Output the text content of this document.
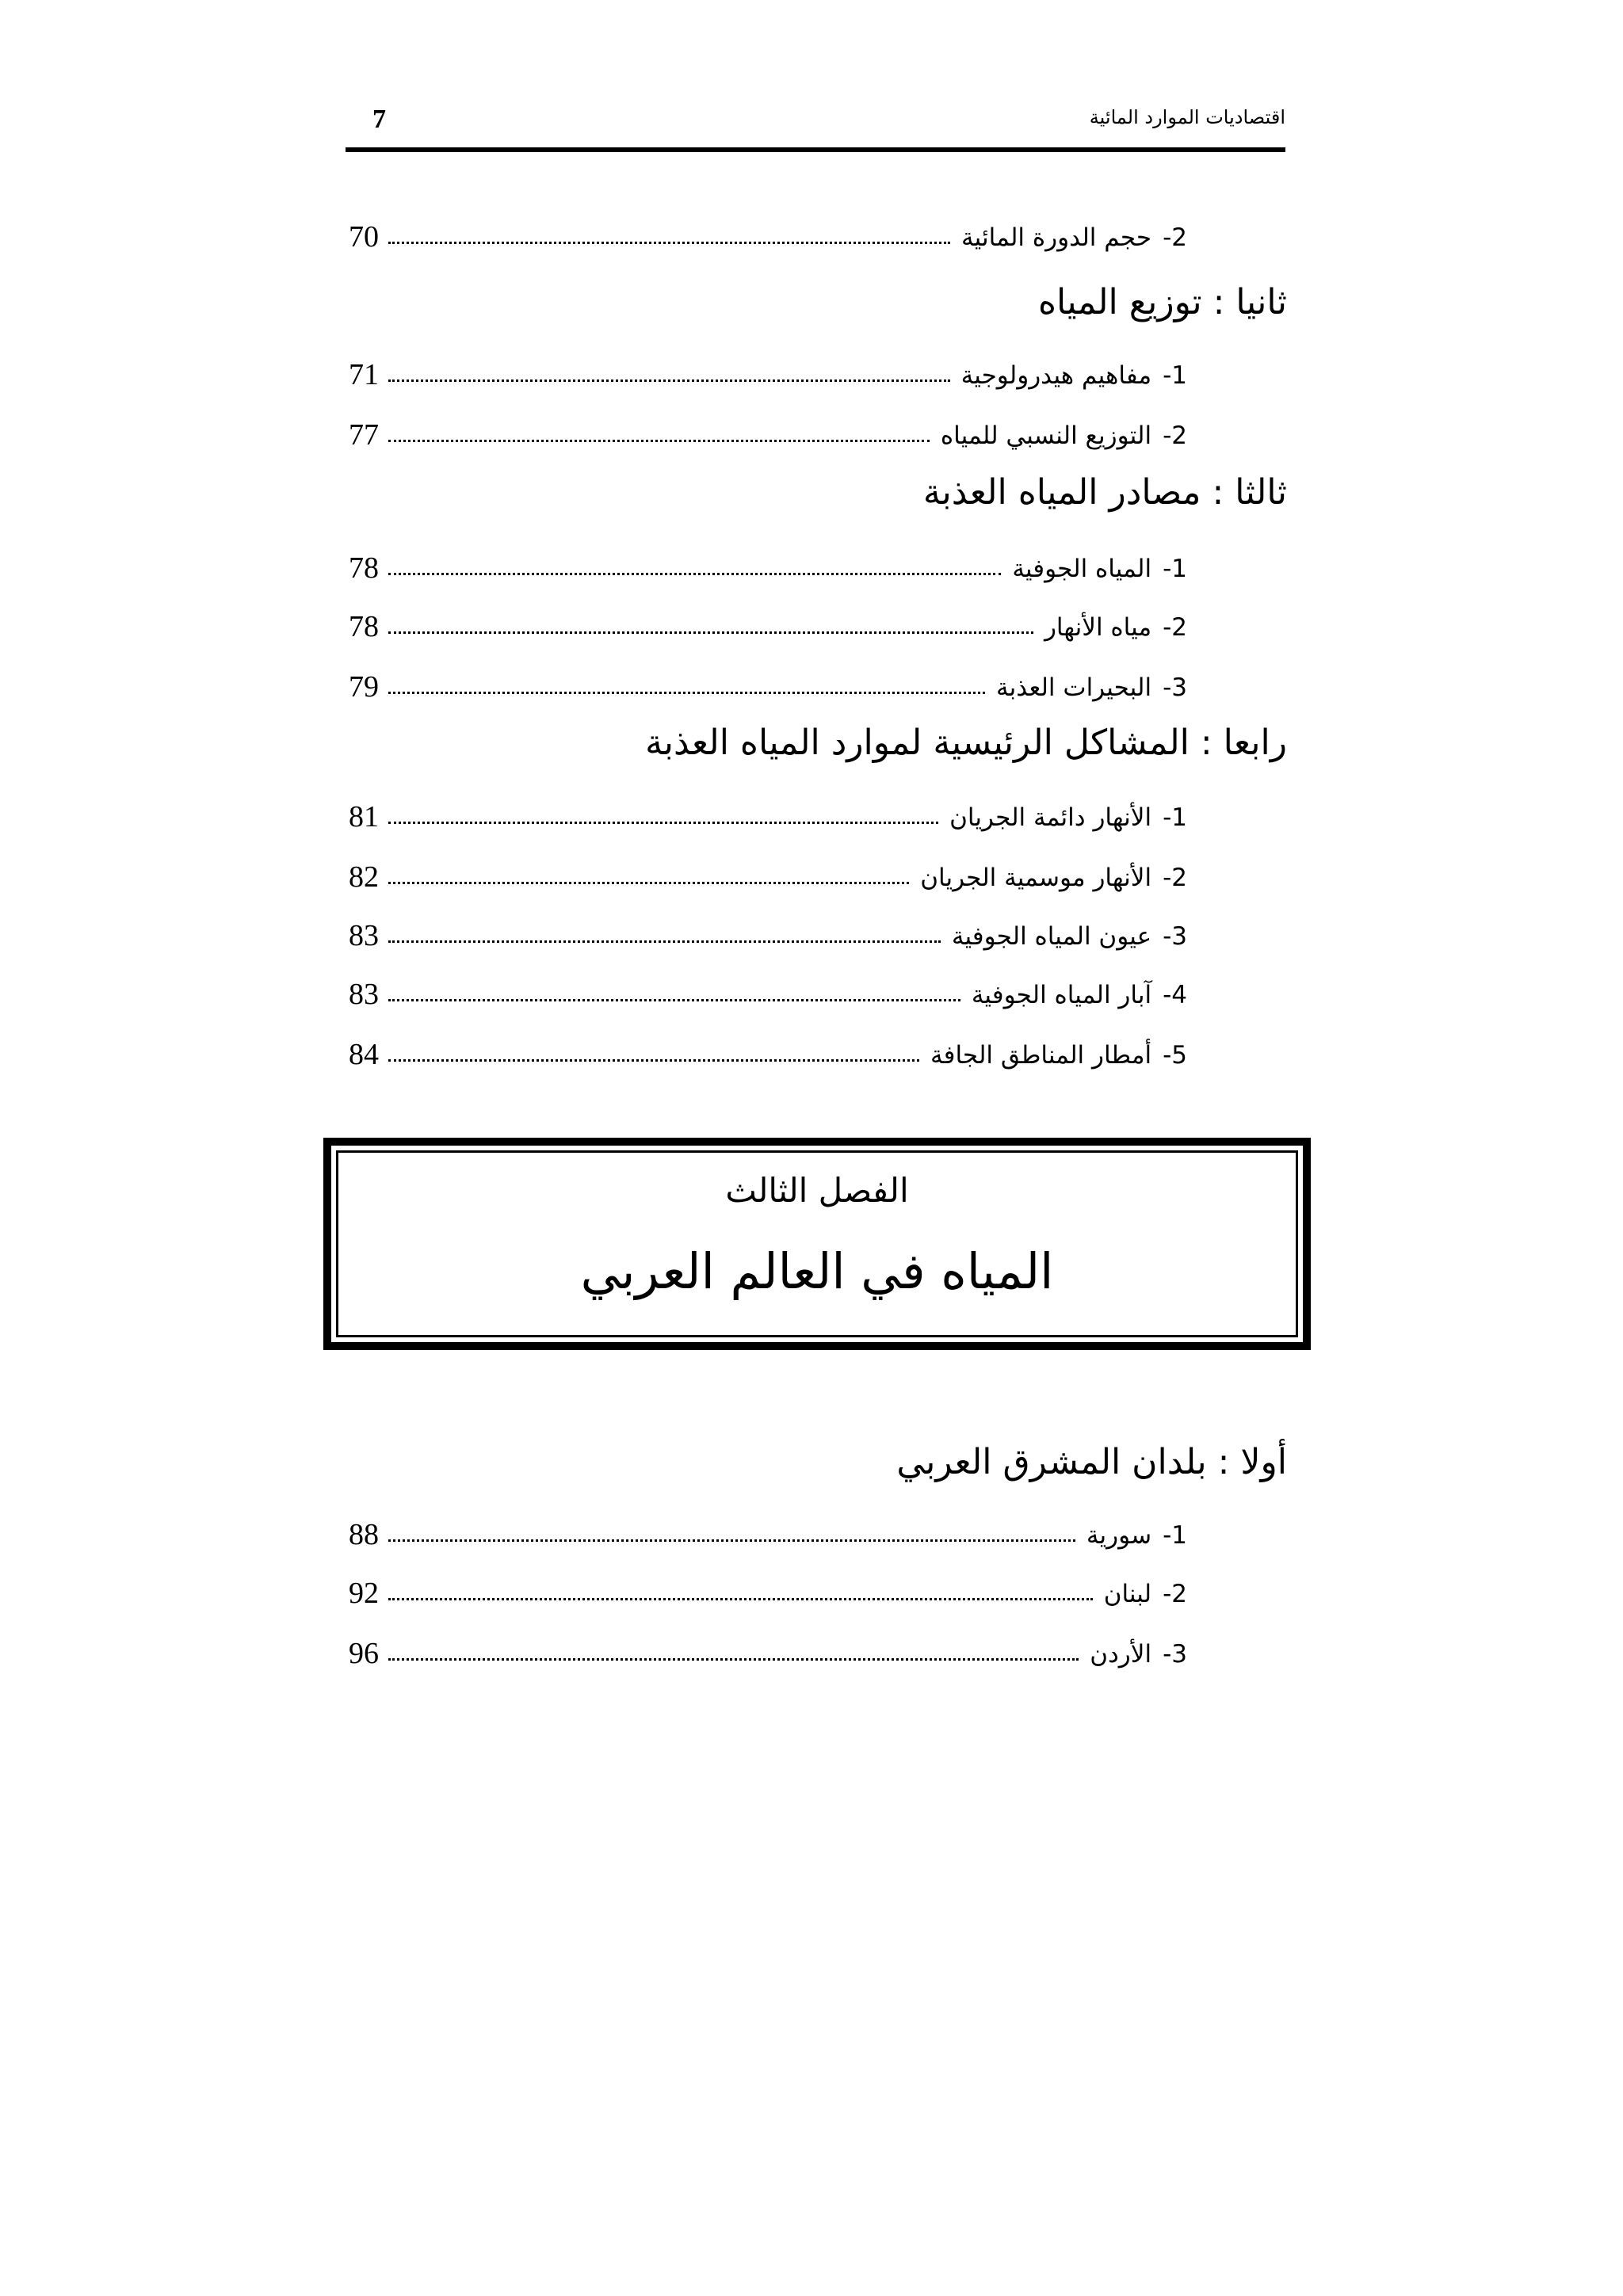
7	اقتصاديات الموارد المائية
2-
حجم الدورة المائية
70
ثانيا : توزيع المياه
1-
مفاهيم هيدرولوجية
71
2-
التوزيع النسبي للمياه
77
ثالثا : مصادر المياه العذبة
1-
المياه الجوفية
78
2-
مياه الأنهار
78
3-
البحيرات العذبة
79
رابعا : المشاكل الرئيسية لموارد المياه العذبة
1-
الأنهار دائمة الجريان
81
2-
الأنهار موسمية الجريان
82
3-
عيون المياه الجوفية
83
4-
آبار المياه الجوفية
83
5-
أمطار المناطق الجافة
84
الفصل الثالث
المياه في العالم العربي
أولا : بلدان المشرق العربي
1-
سورية
88
2-
لبنان
92
3-
الأردن
96
